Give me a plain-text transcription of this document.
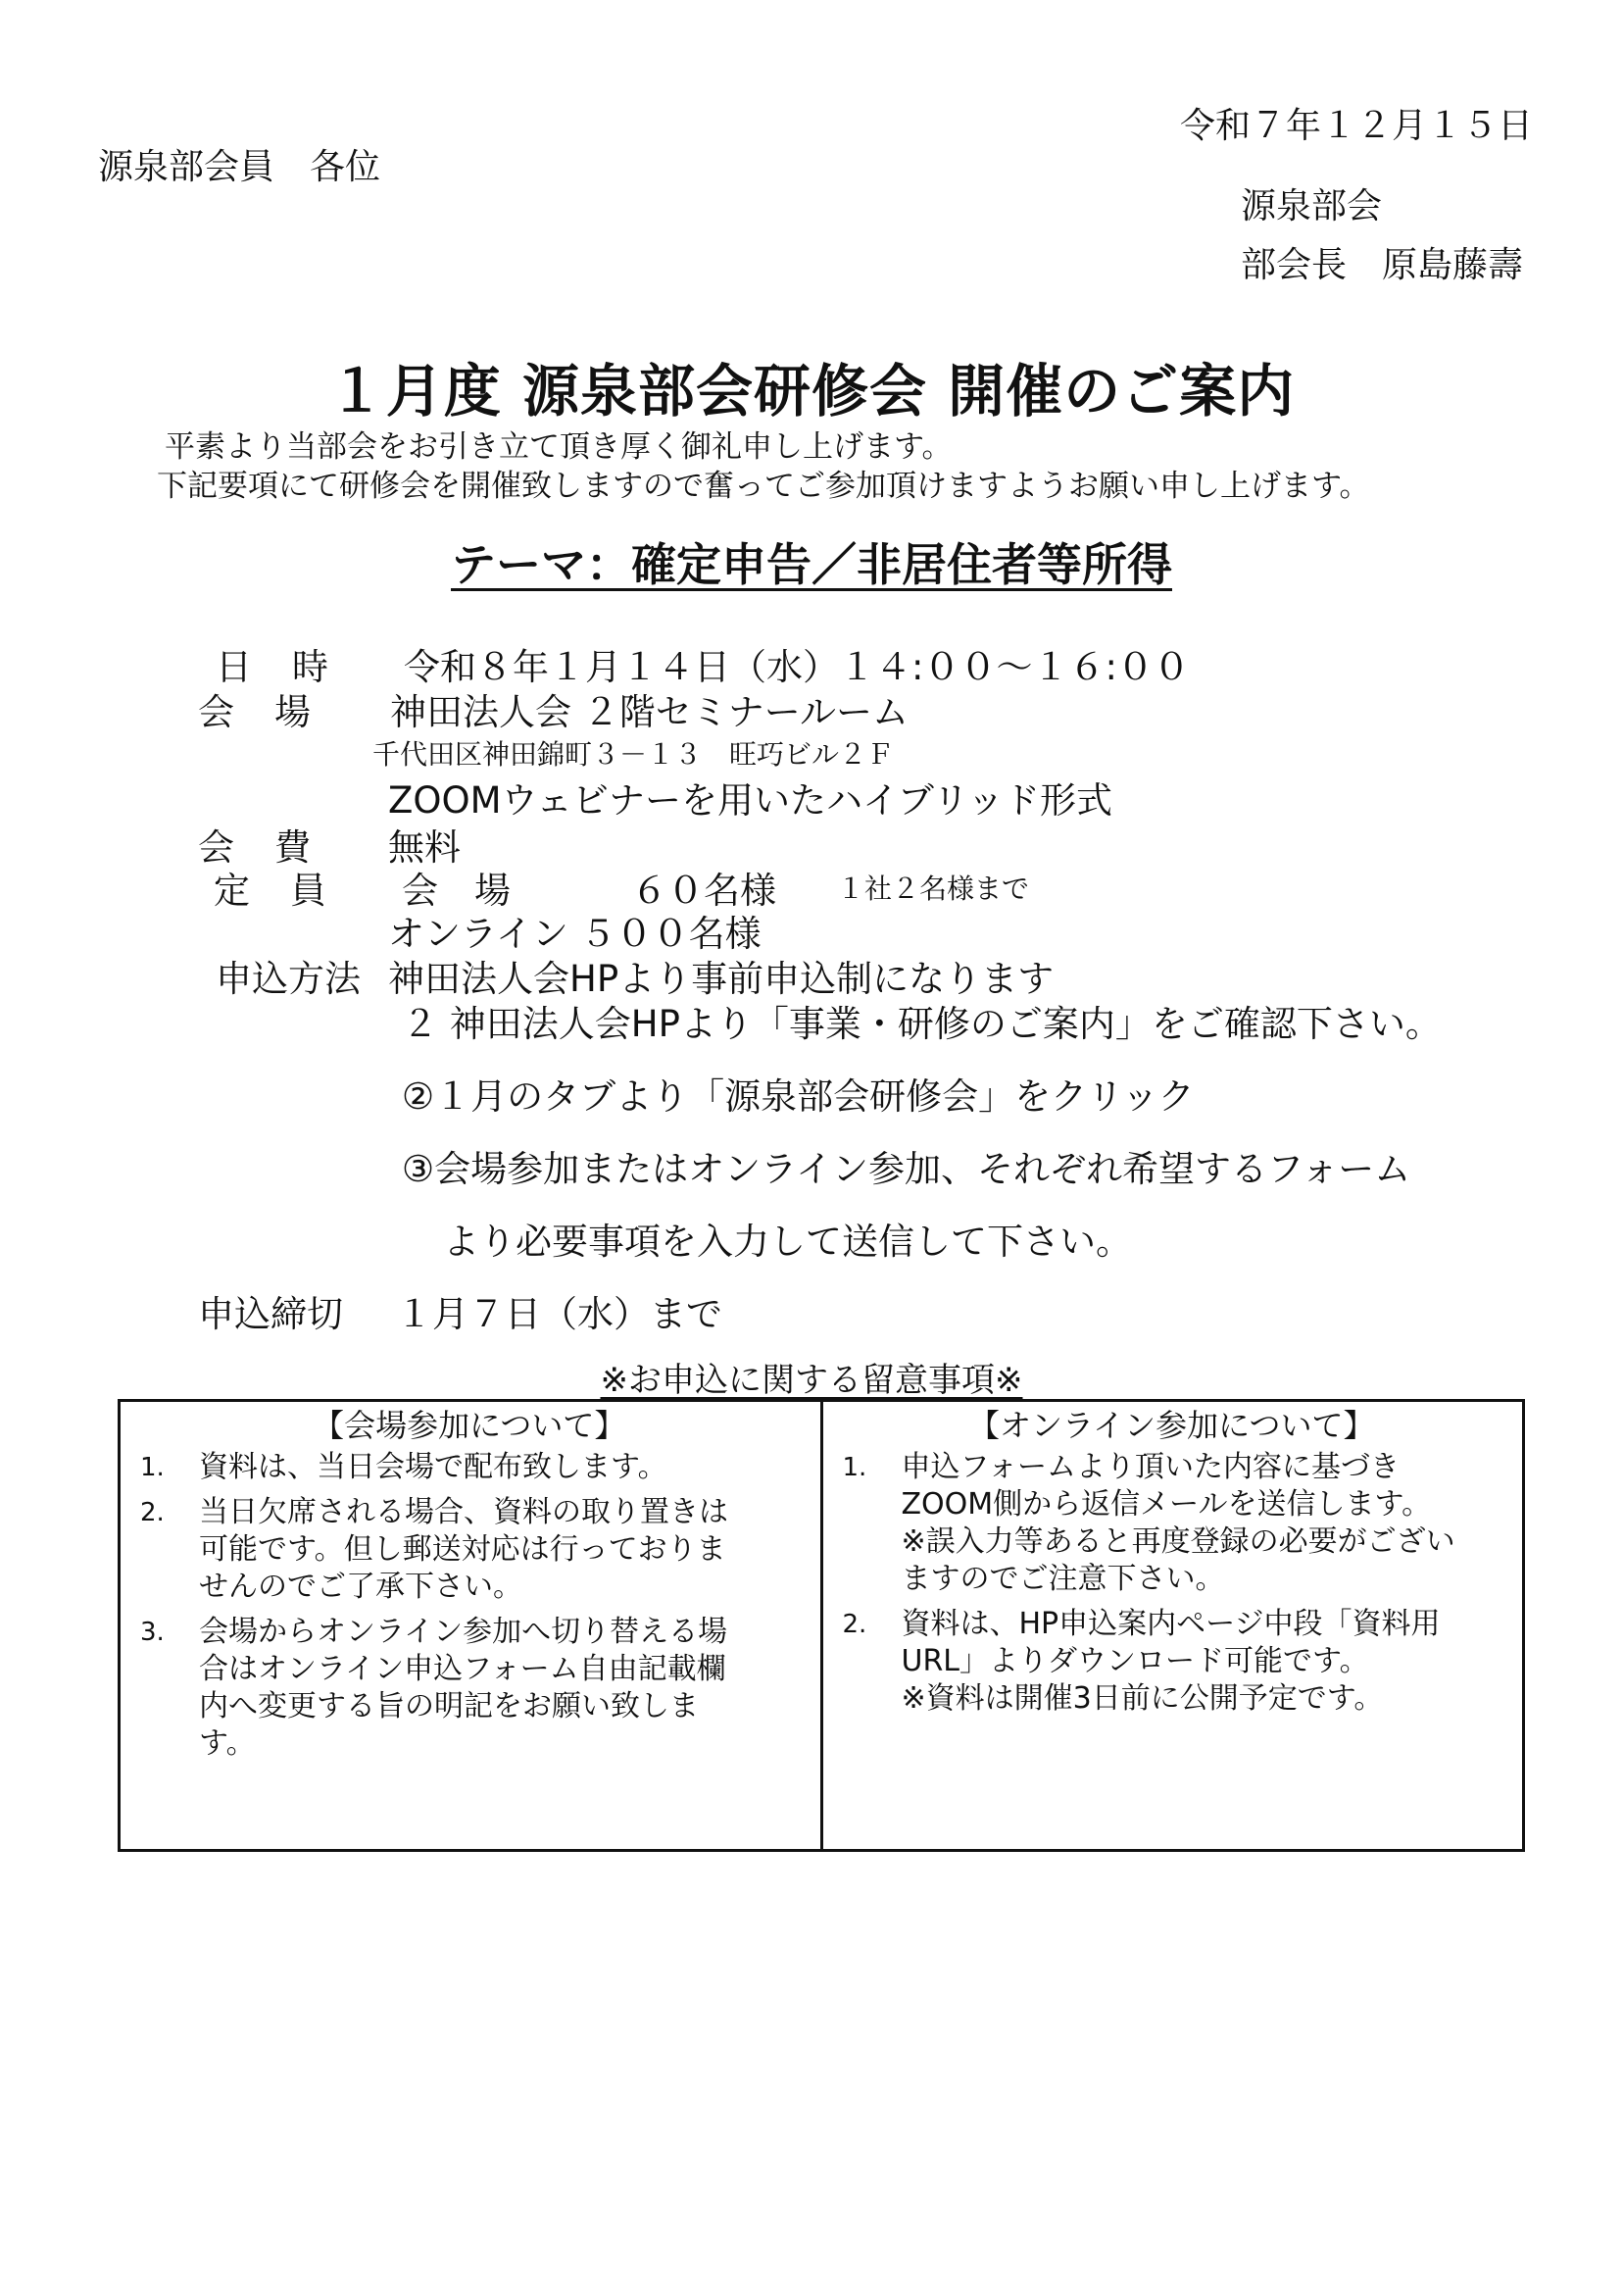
令和７年１２月１５日
源泉部会員　各位
源泉部会
部会長　原島藤壽
１月度 源泉部会研修会 開催のご案内
平素より当部会をお引き立て頂き厚く御礼申し上げます。
下記要項にて研修会を開催致しますので奮ってご参加頂けますようお願い申し上げます。
テーマ：確定申告／非居住者等所得
日　時 令和８年１月１４日（水）１４:００～１６:００
会　場 神田法人会 ２階セミナールーム
千代田区神田錦町３－１３　旺巧ビル２Ｆ
ZOOMウェビナーを用いたハイブリッド形式
会　費 無料
定　員 会　場	６０名様 １社２名様まで
オンライン ５００名様
申込方法 神田法人会HPより事前申込制になります
２ 神田法人会HPより「事業・研修のご案内」をご確認下さい。
②１月のタブより「源泉部会研修会」をクリック
③会場参加またはオンライン参加、それぞれ希望するフォーム
より必要事項を入力して送信して下さい。
申込締切 １月７日（水）まで
※お申込に関する留意事項※
【会場参加について】
1.	資料は、当日会場で配布致します。
2.	当日欠席される場合、資料の取り置きは
可能です。但し郵送対応は行っておりま
せんのでご了承下さい。
3.	会場からオンライン参加へ切り替える場
合はオンライン申込フォーム自由記載欄
内へ変更する旨の明記をお願い致しま
す。
【オンライン参加について】
1.	申込フォームより頂いた内容に基づき
ZOOM側から返信メールを送信します。
※誤入力等あると再度登録の必要がござい
ますのでご注意下さい。
2.	資料は、HP申込案内ページ中段「資料用
URL」よりダウンロード可能です。
※資料は開催3日前に公開予定です。
